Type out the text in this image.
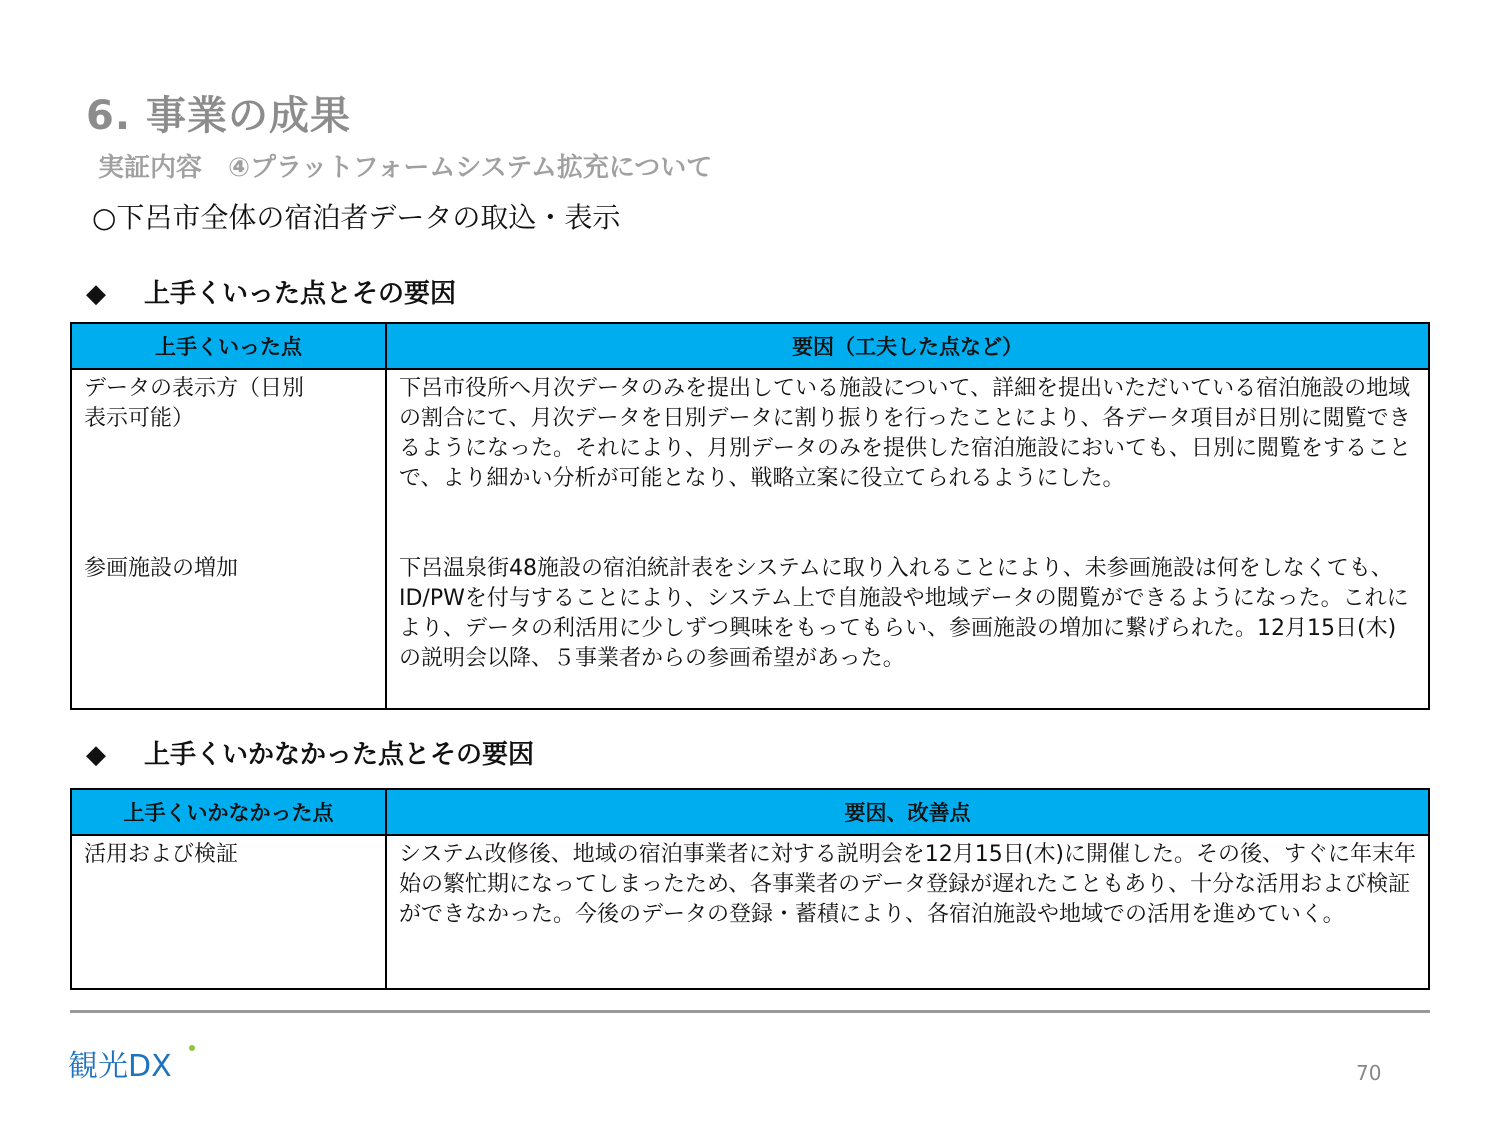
6. 事業の成果
実証内容　④プラットフォームシステム拡充について
○下呂市全体の宿泊者データの取込・表示
◆ 上手くいった点とその要因
上手くいった点	要因（工夫した点など）
データの表示方（日別表示可能）	下呂市役所へ月次データのみを提出している施設について、詳細を提出いただいている宿泊施設の地域の割合にて、月次データを日別データに割り振りを行ったことにより、各データ項目が日別に閲覧できるようになった。それにより、月別データのみを提供した宿泊施設においても、日別に閲覧をすることで、より細かい分析が可能となり、戦略立案に役立てられるようにした。
参画施設の増加	下呂温泉街48施設の宿泊統計表をシステムに取り入れることにより、未参画施設は何をしなくても、ID/PWを付与することにより、システム上で自施設や地域データの閲覧ができるようになった。これにより、データの利活用に少しずつ興味をもってもらい、参画施設の増加に繋げられた。12月15日(木)の説明会以降、５事業者からの参画希望があった。
◆ 上手くいかなかった点とその要因
上手くいかなかった点	要因、改善点
活用および検証	システム改修後、地域の宿泊事業者に対する説明会を12月15日(木)に開催した。その後、すぐに年末年始の繁忙期になってしまったため、各事業者のデータ登録が遅れたこともあり、十分な活用および検証ができなかった。今後のデータの登録・蓄積により、各宿泊施設や地域での活用を進めていく。
観光DX	70
